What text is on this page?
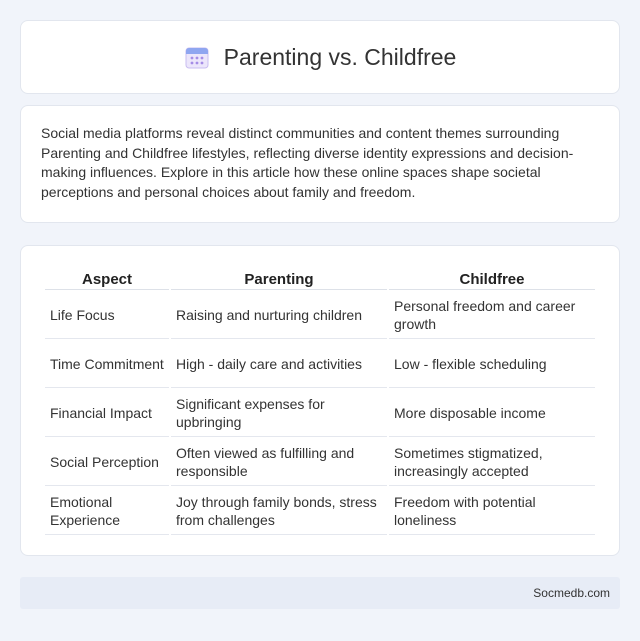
Parenting vs. Childfree

Social media platforms reveal distinct communities and content themes surrounding Parenting and Childfree lifestyles, reflecting diverse identity expressions and decision-making influences. Explore in this article how these online spaces shape societal perceptions and personal choices about family and freedom.

Aspect	Parenting	Childfree
Life Focus	Raising and nurturing children	Personal freedom and career growth
Time Commitment	High - daily care and activities	Low - flexible scheduling
Financial Impact	Significant expenses for upbringing	More disposable income
Social Perception	Often viewed as fulfilling and responsible	Sometimes stigmatized, increasingly accepted
Emotional Experience	Joy through family bonds, stress from challenges	Freedom with potential loneliness
Socmedb.com
